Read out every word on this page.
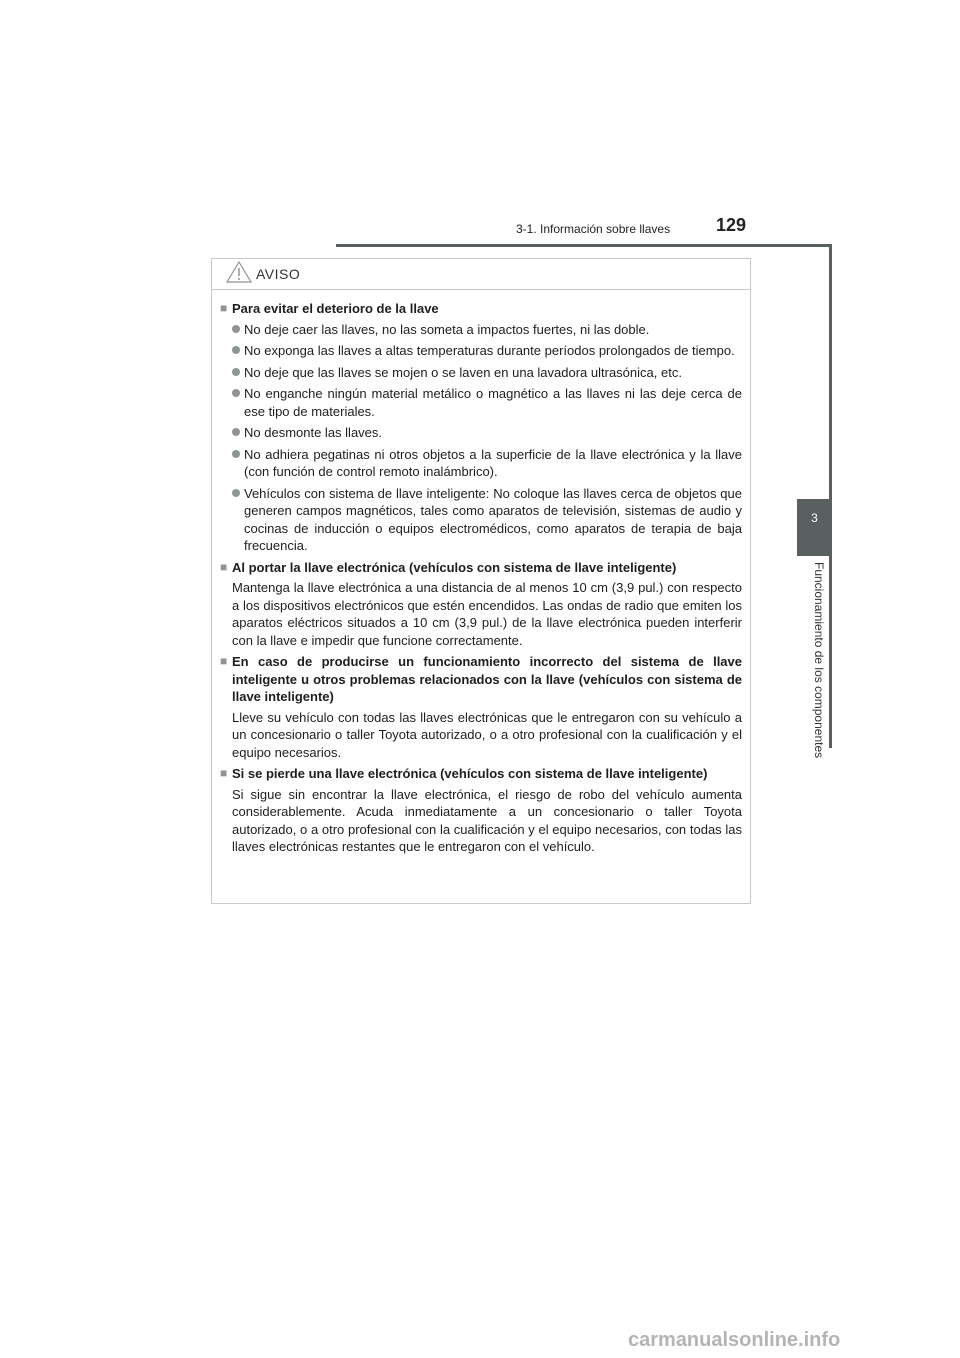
3-1. Información sobre llaves	129
3
Funcionamiento de los componentes
AVISO
■ Para evitar el deterioro de la llave
No deje caer las llaves, no las someta a impactos fuertes, ni las doble.
No exponga las llaves a altas temperaturas durante períodos prolongados de tiempo.
No deje que las llaves se mojen o se laven en una lavadora ultrasónica, etc.
No enganche ningún material metálico o magnético a las llaves ni las deje cerca de ese tipo de materiales.
No desmonte las llaves.
No adhiera pegatinas ni otros objetos a la superficie de la llave electrónica y la llave (con función de control remoto inalámbrico).
Vehículos con sistema de llave inteligente: No coloque las llaves cerca de objetos que generen campos magnéticos, tales como aparatos de televisión, sistemas de audio y cocinas de inducción o equipos electromédicos, como aparatos de terapia de baja frecuencia.
■ Al portar la llave electrónica (vehículos con sistema de llave inteligente)
Mantenga la llave electrónica a una distancia de al menos 10 cm (3,9 pul.) con respecto a los dispositivos electrónicos que estén encendidos. Las ondas de radio que emiten los aparatos eléctricos situados a 10 cm (3,9 pul.) de la llave electrónica pueden interferir con la llave e impedir que funcione correctamente.
■ En caso de producirse un funcionamiento incorrecto del sistema de llave inteligente u otros problemas relacionados con la llave (vehículos con sistema de llave inteligente)
Lleve su vehículo con todas las llaves electrónicas que le entregaron con su vehículo a un concesionario o taller Toyota autorizado, o a otro profesional con la cualificación y el equipo necesarios.
■ Si se pierde una llave electrónica (vehículos con sistema de llave inteligente)
Si sigue sin encontrar la llave electrónica, el riesgo de robo del vehículo aumenta considerablemente. Acuda inmediatamente a un concesionario o taller Toyota autorizado, o a otro profesional con la cualificación y el equipo necesarios, con todas las llaves electrónicas restantes que le entregaron con el vehículo.
carmanualsonline.info
